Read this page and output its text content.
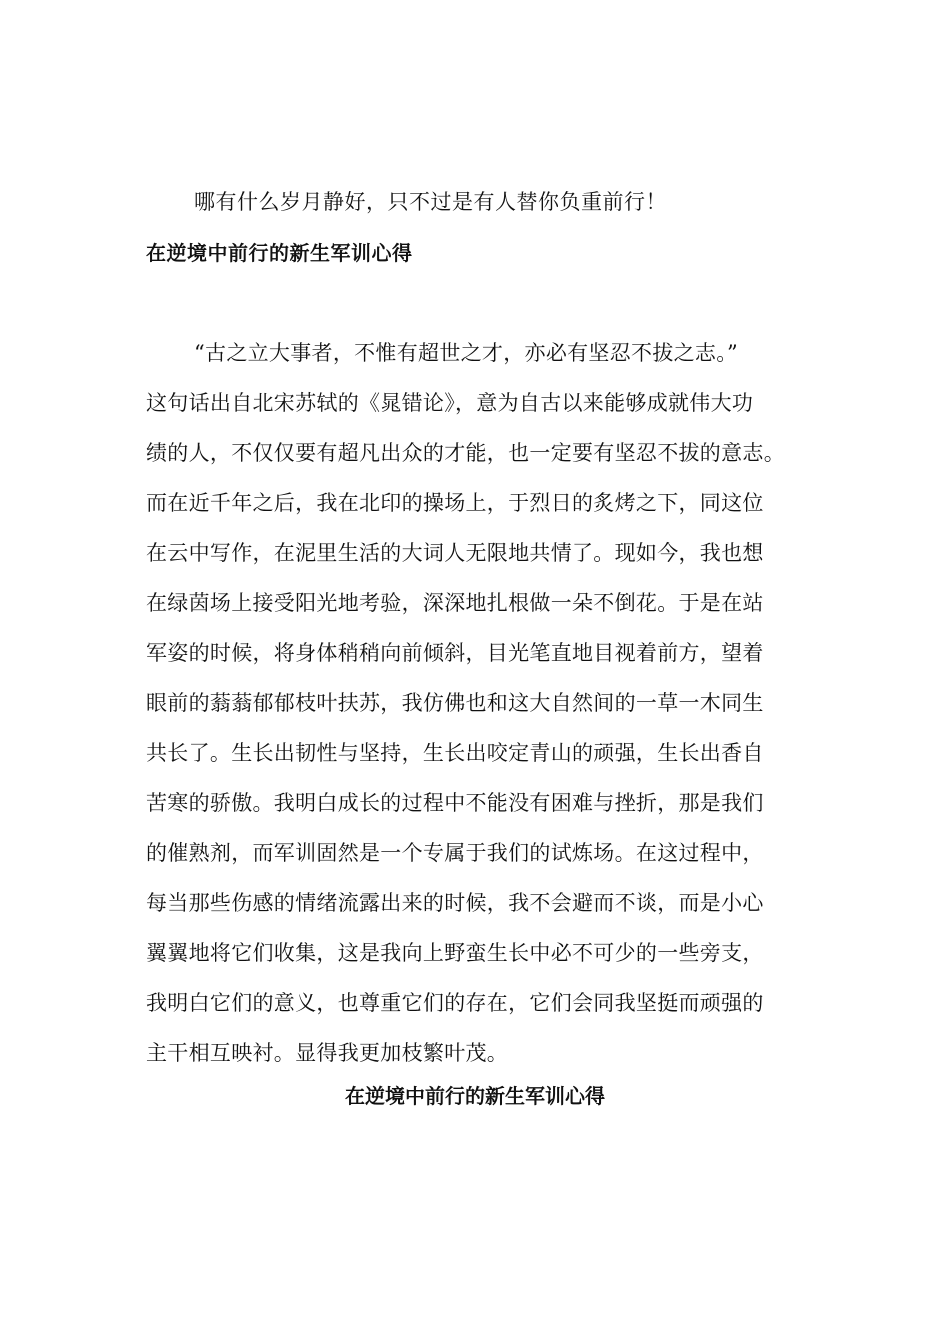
哪有什么岁月静好，只不过是有人替你负重前行！
在逆境中前行的新生军训心得
“古之立大事者，不惟有超世之才，亦必有坚忍不拔之志。”
这句话出自北宋苏轼的《晁错论》，意为自古以来能够成就伟大功
绩的人，不仅仅要有超凡出众的才能，也一定要有坚忍不拔的意志。
而在近千年之后，我在北印的操场上，于烈日的炙烤之下，同这位
在云中写作，在泥里生活的大词人无限地共情了。现如今，我也想
在绿茵场上接受阳光地考验，深深地扎根做一朵不倒花。于是在站
军姿的时候，将身体稍稍向前倾斜，目光笔直地目视着前方，望着
眼前的蓊蓊郁郁枝叶扶苏，我仿佛也和这大自然间的一草一木同生
共长了。生长出韧性与坚持，生长出咬定青山的顽强，生长出香自
苦寒的骄傲。我明白成长的过程中不能没有困难与挫折，那是我们
的催熟剂，而军训固然是一个专属于我们的试炼场。在这过程中，
每当那些伤感的情绪流露出来的时候，我不会避而不谈，而是小心
翼翼地将它们收集，这是我向上野蛮生长中必不可少的一些旁支，
我明白它们的意义，也尊重它们的存在，它们会同我坚挺而顽强的
主干相互映衬。显得我更加枝繁叶茂。
在逆境中前行的新生军训心得
